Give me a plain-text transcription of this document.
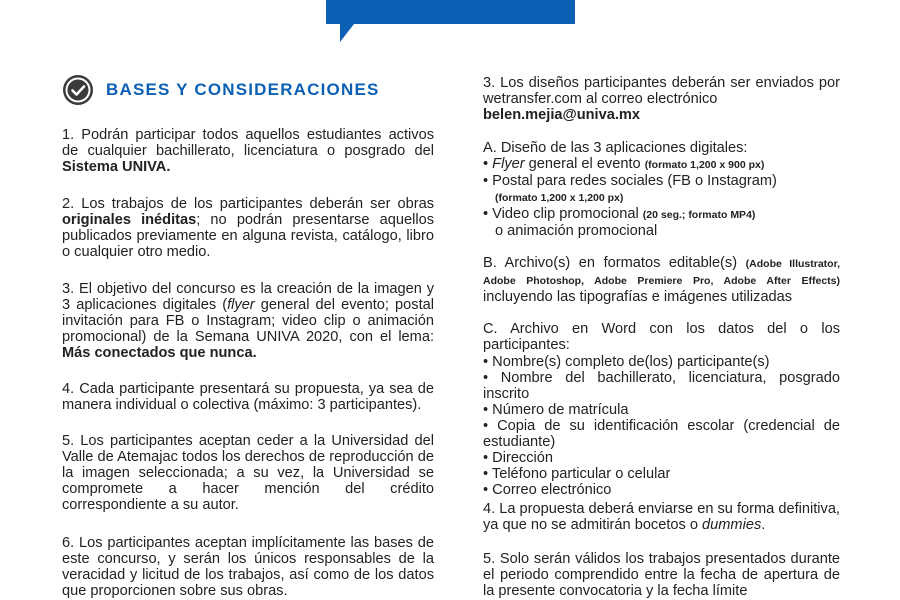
BASES Y CONSIDERACIONES

1. Podrán participar todos aquellos estudiantes activos de cualquier bachillerato, licenciatura o posgrado del Sistema UNIVA.

2. Los trabajos de los participantes deberán ser obras originales inéditas; no podrán presentarse aquellos publicados previamente en alguna revista, catálogo, libro o cualquier otro medio.

3. El objetivo del concurso es la creación de la imagen y 3 aplicaciones digitales (flyer general del evento; postal invitación para FB o Instagram; video clip o animación promocional) de la Semana UNIVA 2020, con el lema: Más conectados que nunca.

4. Cada participante presentará su propuesta, ya sea de manera individual o colectiva (máximo: 3 participantes).

5. Los participantes aceptan ceder a la Universidad del Valle de Atemajac todos los derechos de reproducción de la imagen seleccionada; a su vez, la Universidad se compromete a hacer mención del crédito correspondiente a su autor.

6. Los participantes aceptan implícitamente las bases de este concurso, y serán los únicos responsables de la veracidad y licitud de los trabajos, así como de los datos que proporcionen sobre sus obras.

3. Los diseños participantes deberán ser enviados por wetransfer.com al correo electrónico
belen.mejia@univa.mx

A. Diseño de las 3 aplicaciones digitales:
• Flyer general el evento (formato 1,200 x 900 px)
• Postal para redes sociales (FB o Instagram)
(formato 1,200 x 1,200 px)
• Video clip promocional (20 seg.; formato MP4)
o animación promocional

B. Archivo(s) en formatos editable(s) (Adobe Illustrator, Adobe Photoshop, Adobe Premiere Pro, Adobe After Effects) incluyendo las tipografías e imágenes utilizadas

C. Archivo en Word con los datos del o los participantes:

• Nombre(s) completo de(los) participante(s)
• Nombre del bachillerato, licenciatura, posgrado inscrito
• Número de matrícula
• Copia de su identificación escolar (credencial de estudiante)
• Dirección
• Teléfono particular o celular
• Correo electrónico

4. La propuesta deberá enviarse en su forma definitiva, ya que no se admitirán bocetos o dummies.

5. Solo serán válidos los trabajos presentados durante el periodo comprendido entre la fecha de apertura de la presente convocatoria y la fecha límite
